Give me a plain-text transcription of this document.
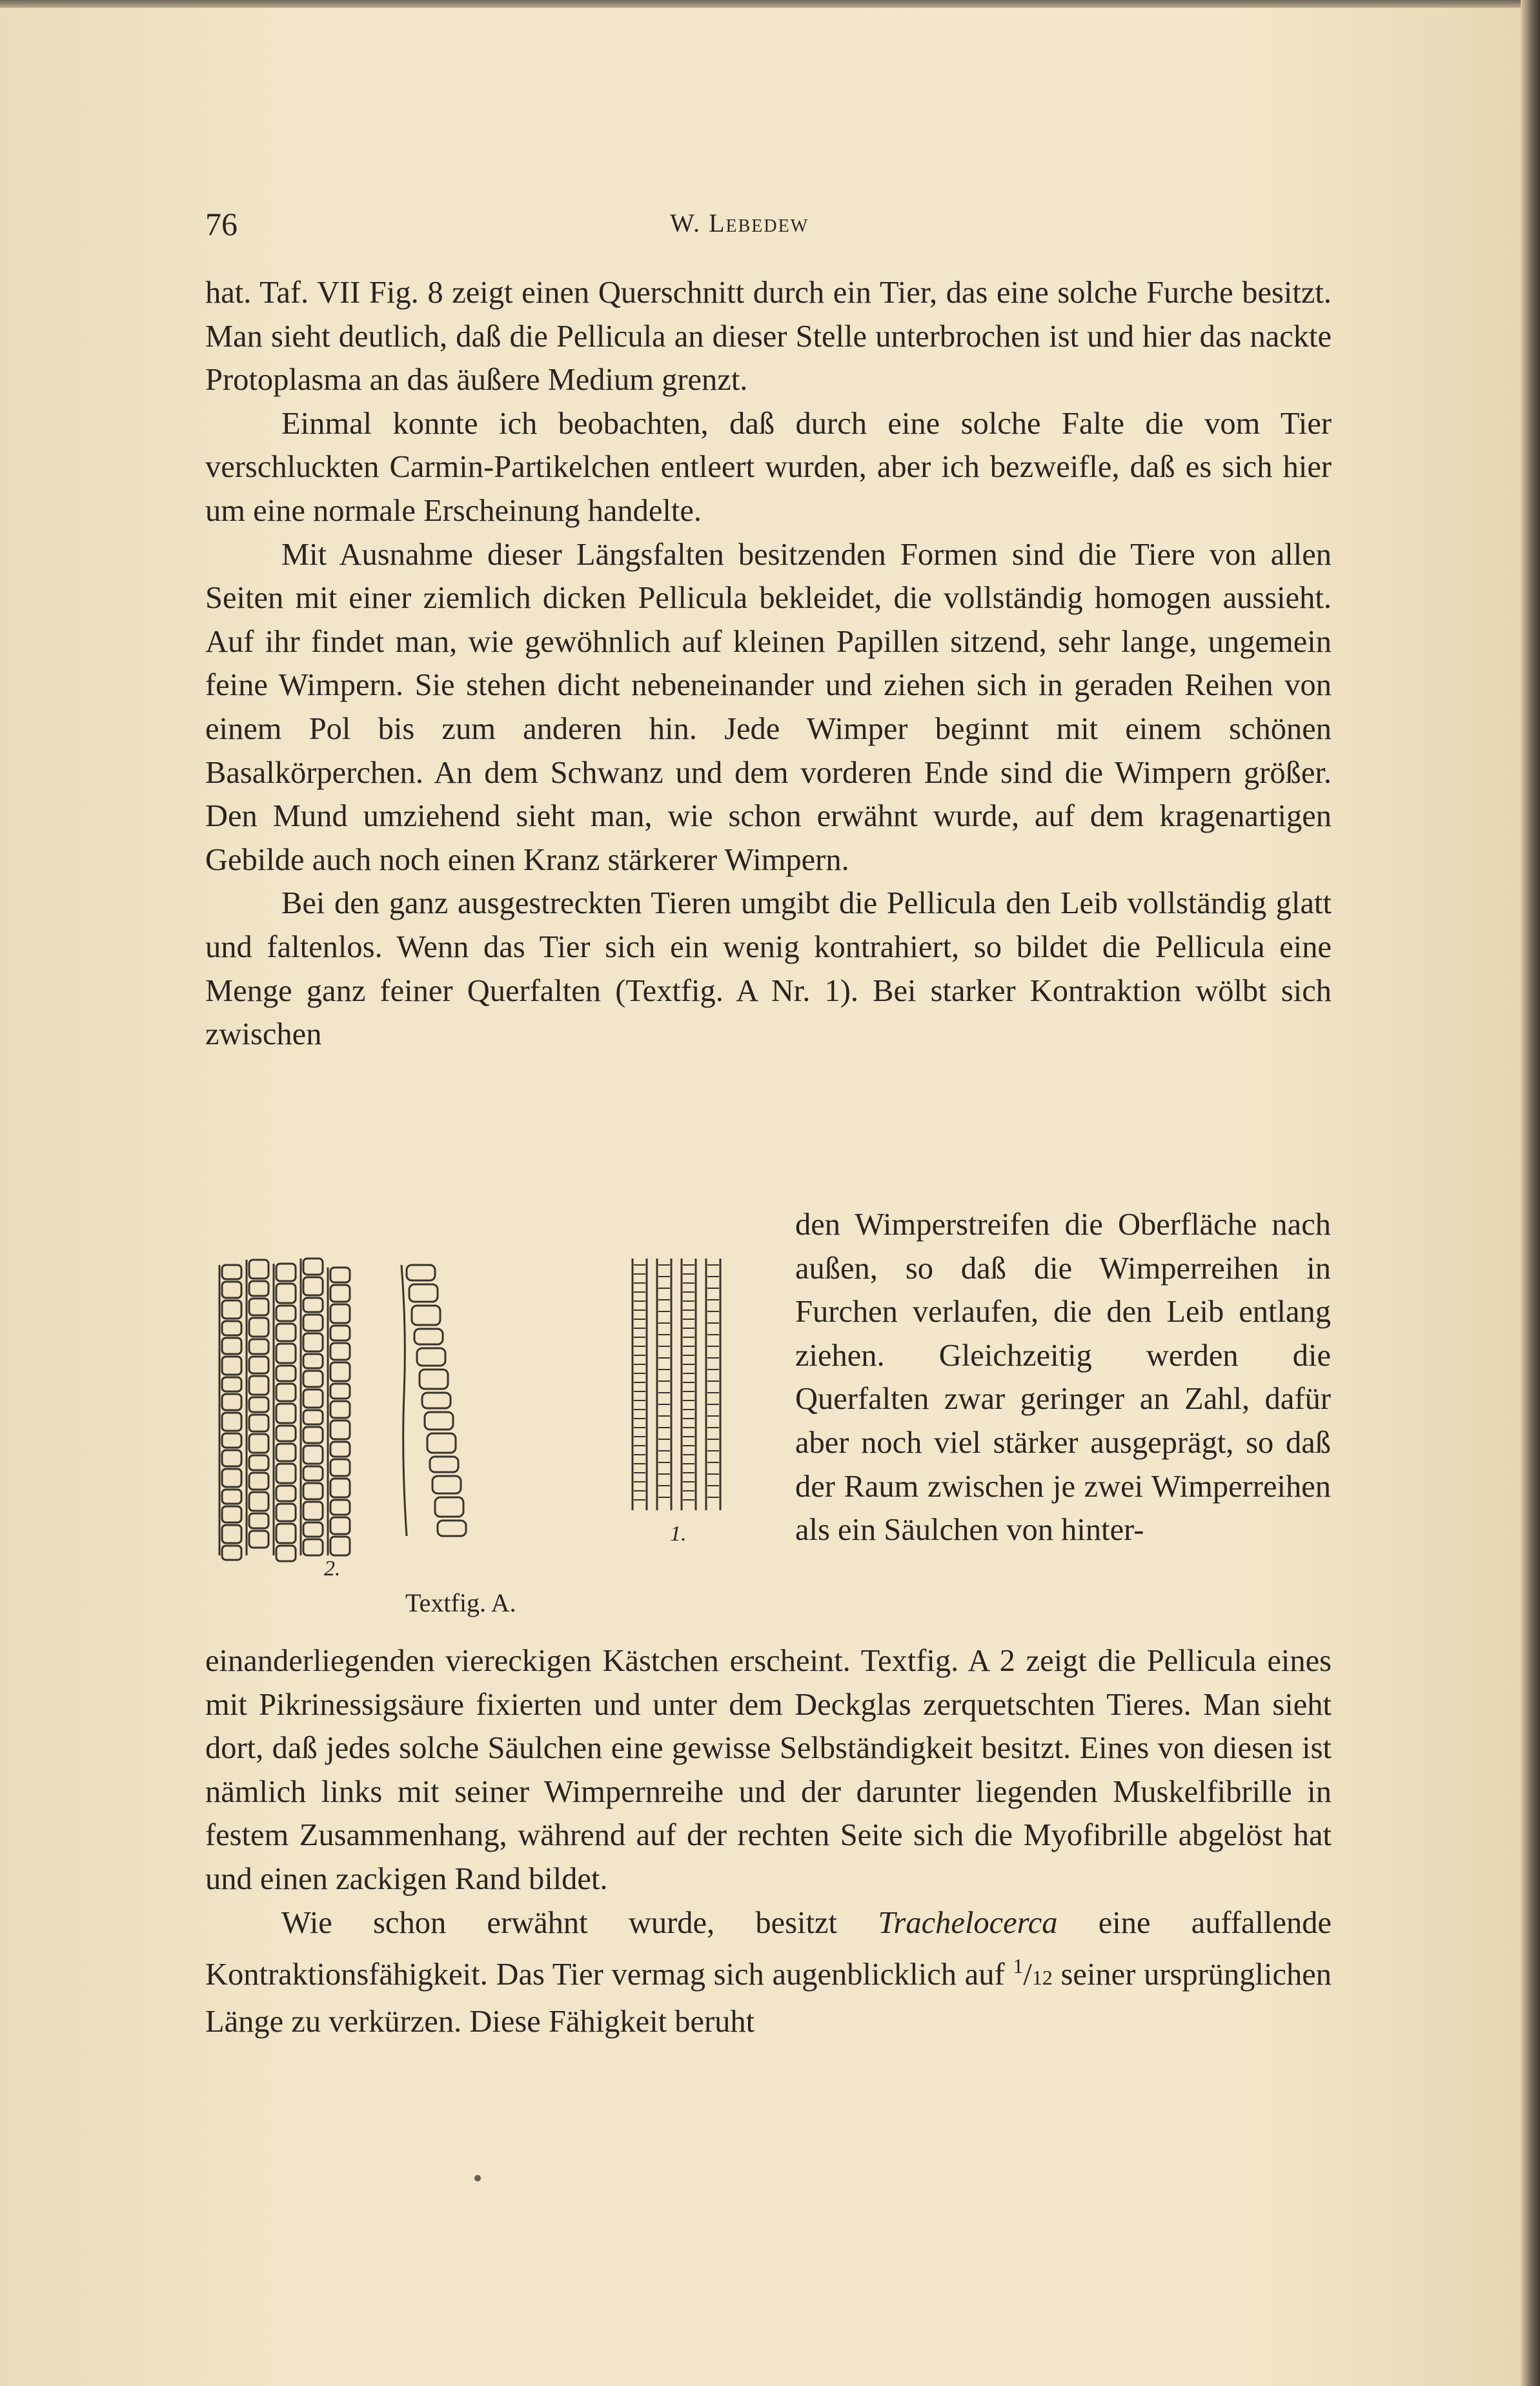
76	W. Lebedew

hat. Taf. VII Fig. 8 zeigt einen Querschnitt durch ein Tier, das eine solche Furche besitzt. Man sieht deutlich, daß die Pellicula an dieser Stelle unterbrochen ist und hier das nackte Protoplasma an das äußere Medium grenzt.

Einmal konnte ich beobachten, daß durch eine solche Falte die vom Tier verschluckten Carmin-Partikelchen entleert wurden, aber ich bezweifle, daß es sich hier um eine normale Erscheinung handelte.

Mit Ausnahme dieser Längsfalten besitzenden Formen sind die Tiere von allen Seiten mit einer ziemlich dicken Pellicula bekleidet, die vollständig homogen aussieht. Auf ihr findet man, wie gewöhnlich auf kleinen Papillen sitzend, sehr lange, ungemein feine Wimpern. Sie stehen dicht nebeneinander und ziehen sich in geraden Reihen von einem Pol bis zum anderen hin. Jede Wimper beginnt mit einem schönen Basalkörperchen. An dem Schwanz und dem vorderen Ende sind die Wimpern größer. Den Mund umziehend sieht man, wie schon erwähnt wurde, auf dem kragenartigen Gebilde auch noch einen Kranz stärkerer Wimpern.

Bei den ganz ausgestreckten Tieren umgibt die Pellicula den Leib vollständig glatt und faltenlos. Wenn das Tier sich ein wenig kontrahiert, so bildet die Pellicula eine Menge ganz feiner Querfalten (Textfig. A Nr. 1). Bei starker Kontraktion wölbt sich zwischen

den Wimperstreifen die Oberfläche nach außen, so daß die Wimperreihen in Furchen verlaufen, die den Leib entlang ziehen. Gleichzeitig werden die Querfalten zwar geringer an Zahl, dafür aber noch viel stärker ausgeprägt, so daß der Raum zwischen je zwei Wimperreihen als ein Säulchen von hinter-

2.
1.
Textfig. A.

einanderliegenden viereckigen Kästchen erscheint. Textfig. A 2 zeigt die Pellicula eines mit Pikrinessigsäure fixierten und unter dem Deckglas zerquetschten Tieres. Man sieht dort, daß jedes solche Säulchen eine gewisse Selbständigkeit besitzt. Eines von diesen ist nämlich links mit seiner Wimpernreihe und der darunter liegenden Muskelfibrille in festem Zusammenhang, während auf der rechten Seite sich die Myofibrille abgelöst hat und einen zackigen Rand bildet.

Wie schon erwähnt wurde, besitzt Trachelocerca eine auffallende Kontraktionsfähigkeit. Das Tier vermag sich augenblicklich auf $^1$/12 seiner ursprünglichen Länge zu verkürzen. Diese Fähigkeit beruht
